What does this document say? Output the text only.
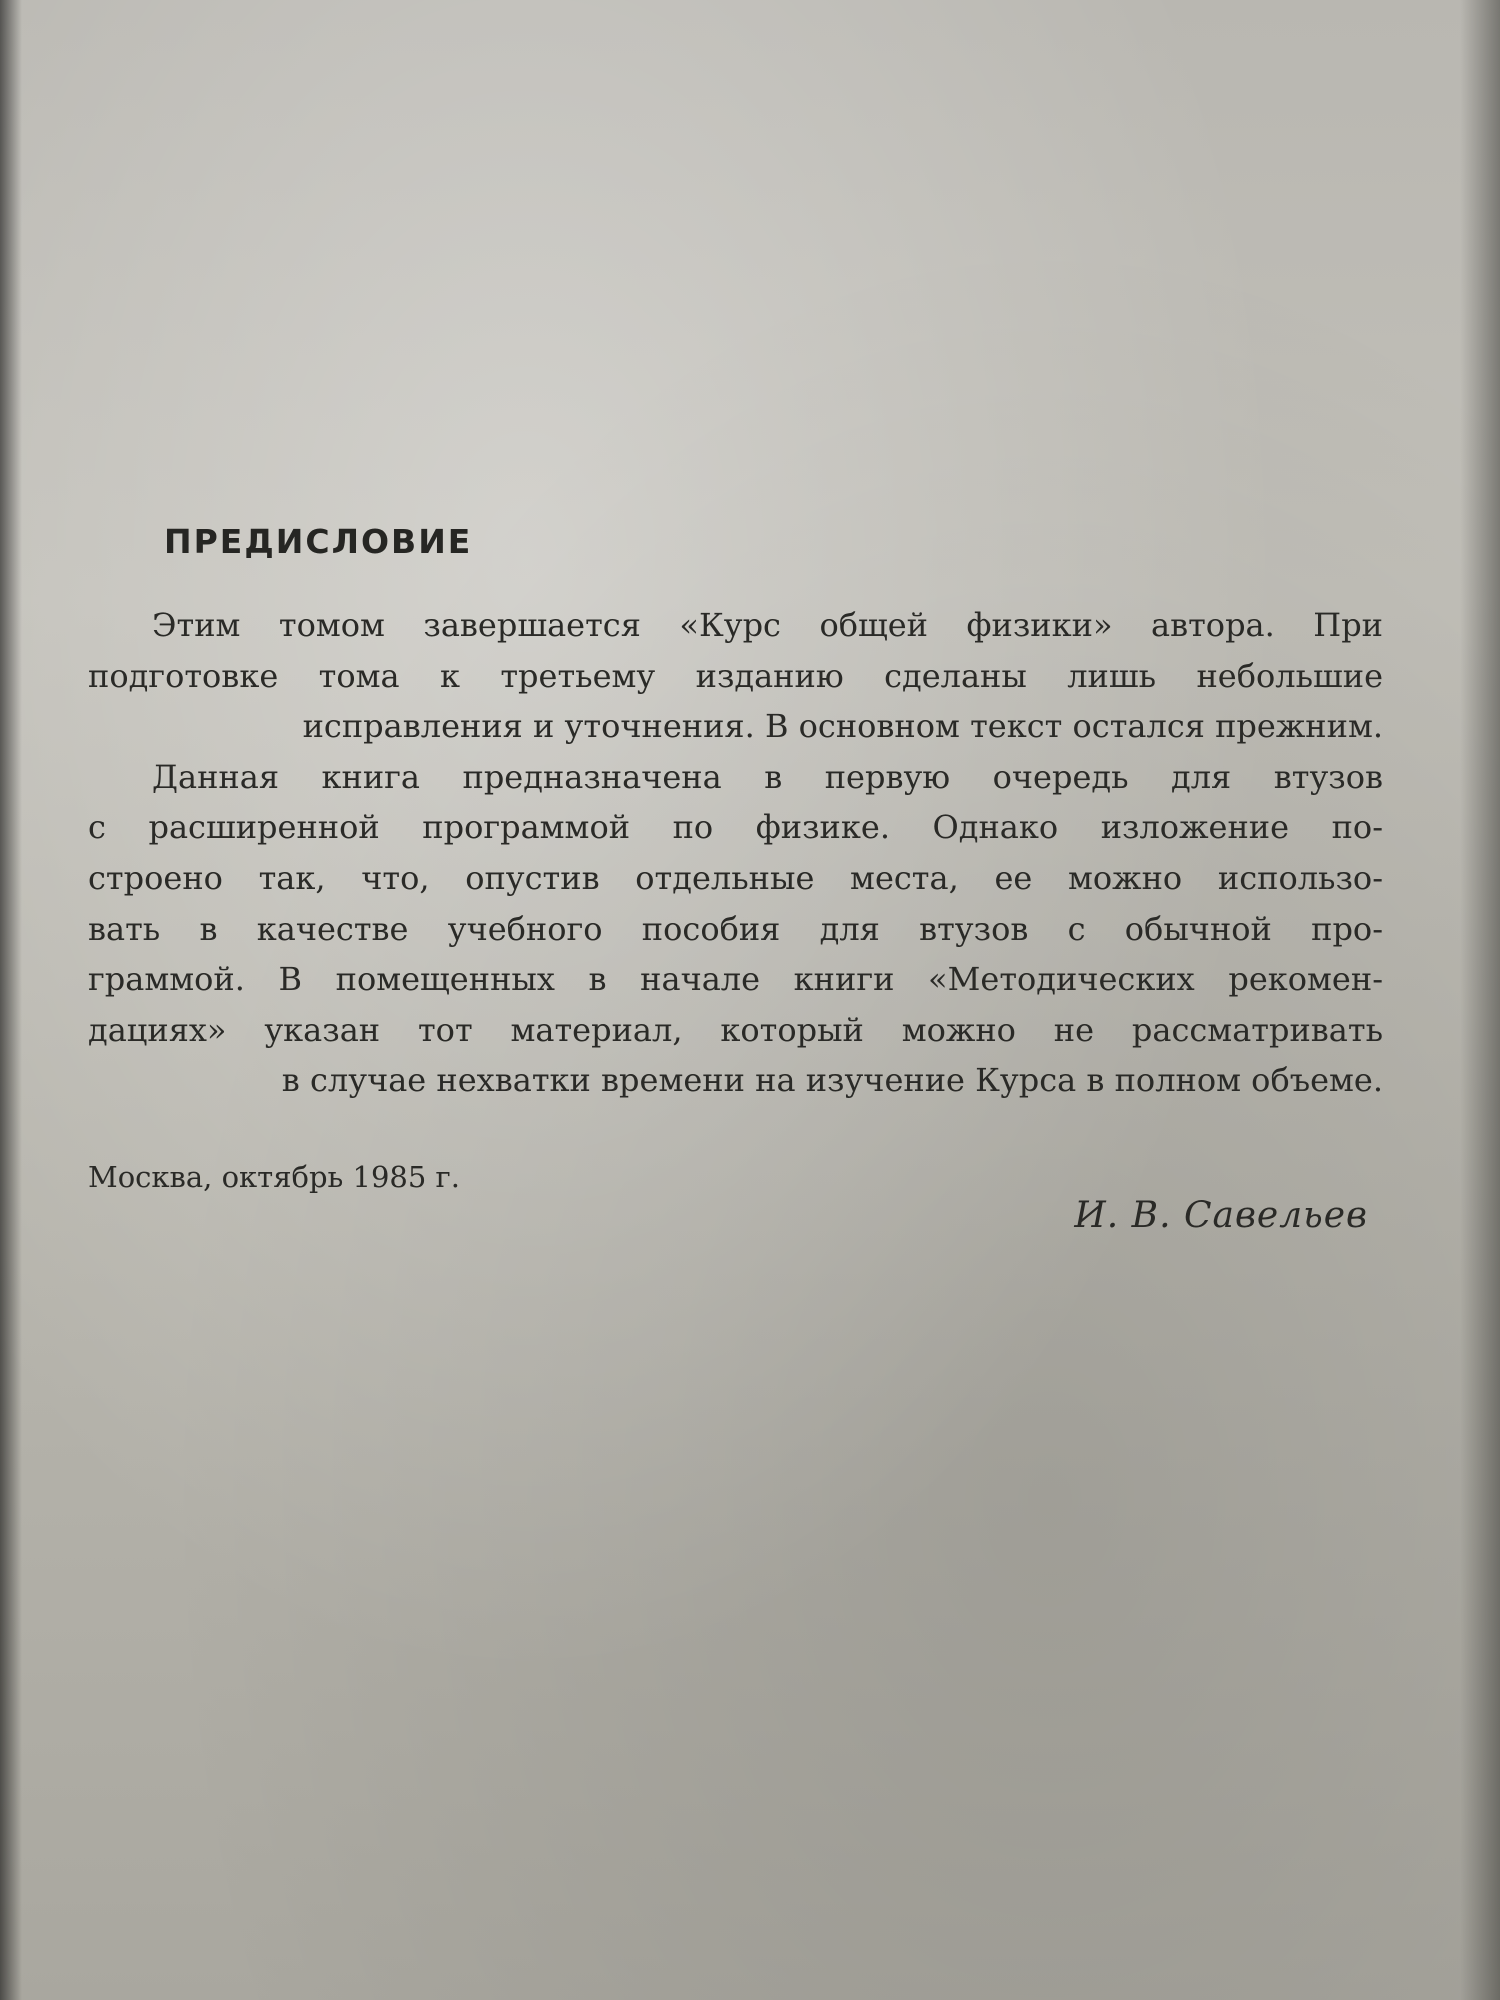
ПРЕДИСЛОВИЕ

Этим томом завершается «Курс общей физики» автора. При
подготовке тома к третьему изданию сделаны лишь небольшие
исправления и уточнения. В основном текст остался прежним.

Данная книга предназначена в первую очередь для втузов
с расширенной программой по физике. Однако изложение по-
строено так, что, опустив отдельные места, ее можно использо-
вать в качестве учебного пособия для втузов с обычной про-
граммой. В помещенных в начале книги «Методических рекомен-
дациях» указан тот материал, который можно не рассматривать
в случае нехватки времени на изучение Курса в полном объеме.

Москва, октябрь 1985 г.

И. В. Савельев
